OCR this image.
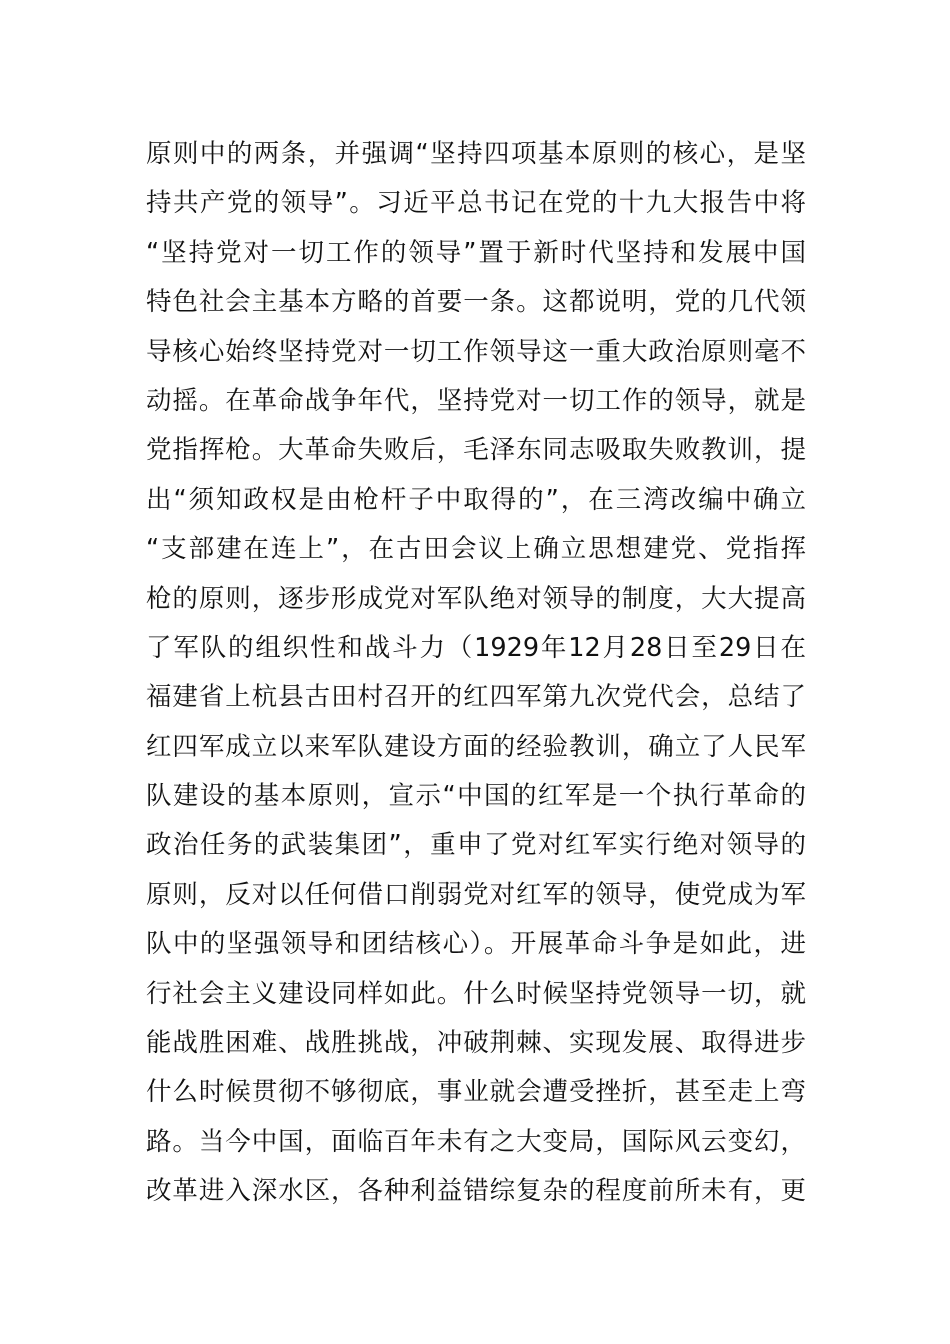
原则中的两条，并强调“坚持四项基本原则的核心，是坚
持共产党的领导”。习近平总书记在党的十九大报告中将
“坚持党对一切工作的领导”置于新时代坚持和发展中国
特色社会主基本方略的首要一条。这都说明，党的几代领
导核心始终坚持党对一切工作领导这一重大政治原则毫不
动摇。在革命战争年代，坚持党对一切工作的领导，就是
党指挥枪。大革命失败后，毛泽东同志吸取失败教训，提
出“须知政权是由枪杆子中取得的”，在三湾改编中确立
“支部建在连上”，在古田会议上确立思想建党、党指挥
枪的原则，逐步形成党对军队绝对领导的制度，大大提高
了军队的组织性和战斗力（1929年12月28日至29日在
福建省上杭县古田村召开的红四军第九次党代会，总结了
红四军成立以来军队建设方面的经验教训，确立了人民军
队建设的基本原则，宣示“中国的红军是一个执行革命的
政治任务的武装集团”，重申了党对红军实行绝对领导的
原则，反对以任何借口削弱党对红军的领导，使党成为军
队中的坚强领导和团结核心）。开展革命斗争是如此，进
行社会主义建设同样如此。什么时候坚持党领导一切，就
能战胜困难、战胜挑战，冲破荆棘、实现发展、取得进步
什么时候贯彻不够彻底，事业就会遭受挫折，甚至走上弯
路。当今中国，面临百年未有之大变局，国际风云变幻，
改革进入深水区，各种利益错综复杂的程度前所未有，更
